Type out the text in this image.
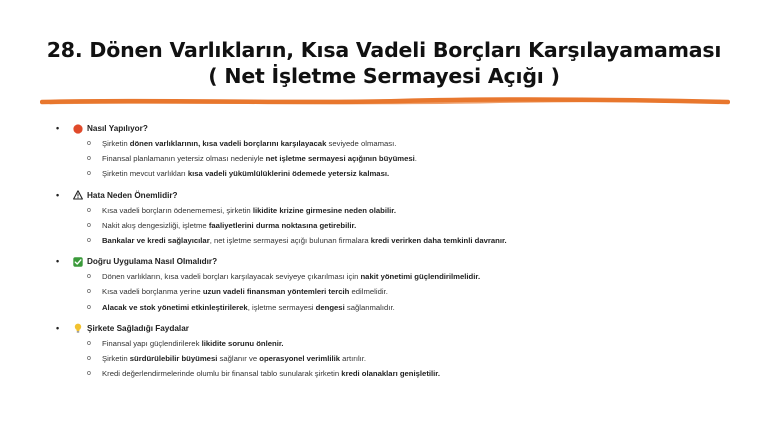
28. Dönen Varlıkların, Kısa Vadeli Borçları Karşılayamaması
( Net İşletme Sermayesi Açığı )
•	Nasıl Yapılıyor?
o	Şirketin dönen varlıklarının, kısa vadeli borçlarını karşılayacak seviyede olmaması.
o	Finansal planlamanın yetersiz olması nedeniyle net işletme sermayesi açığının büyümesi.
o	Şirketin mevcut varlıkları kısa vadeli yükümlülüklerini ödemede yetersiz kalması.
•	Hata Neden Önemlidir?
o	Kısa vadeli borçların ödenememesi, şirketin likidite krizine girmesine neden olabilir.
o	Nakit akış dengesizliği, işletme faaliyetlerini durma noktasına getirebilir.
o	Bankalar ve kredi sağlayıcılar, net işletme sermayesi açığı bulunan firmalara kredi verirken daha temkinli davranır.
•	Doğru Uygulama Nasıl Olmalıdır?
o	Dönen varlıkların, kısa vadeli borçları karşılayacak seviyeye çıkarılması için nakit yönetimi güçlendirilmelidir.
o	Kısa vadeli borçlanma yerine uzun vadeli finansman yöntemleri tercih edilmelidir.
o	Alacak ve stok yönetimi etkinleştirilerek, işletme sermayesi dengesi sağlanmalıdır.
•	Şirkete Sağladığı Faydalar
o	Finansal yapı güçlendirilerek likidite sorunu önlenir.
o	Şirketin sürdürülebilir büyümesi sağlanır ve operasyonel verimlilik artırılır.
o	Kredi değerlendirmelerinde olumlu bir finansal tablo sunularak şirketin kredi olanakları genişletilir.
